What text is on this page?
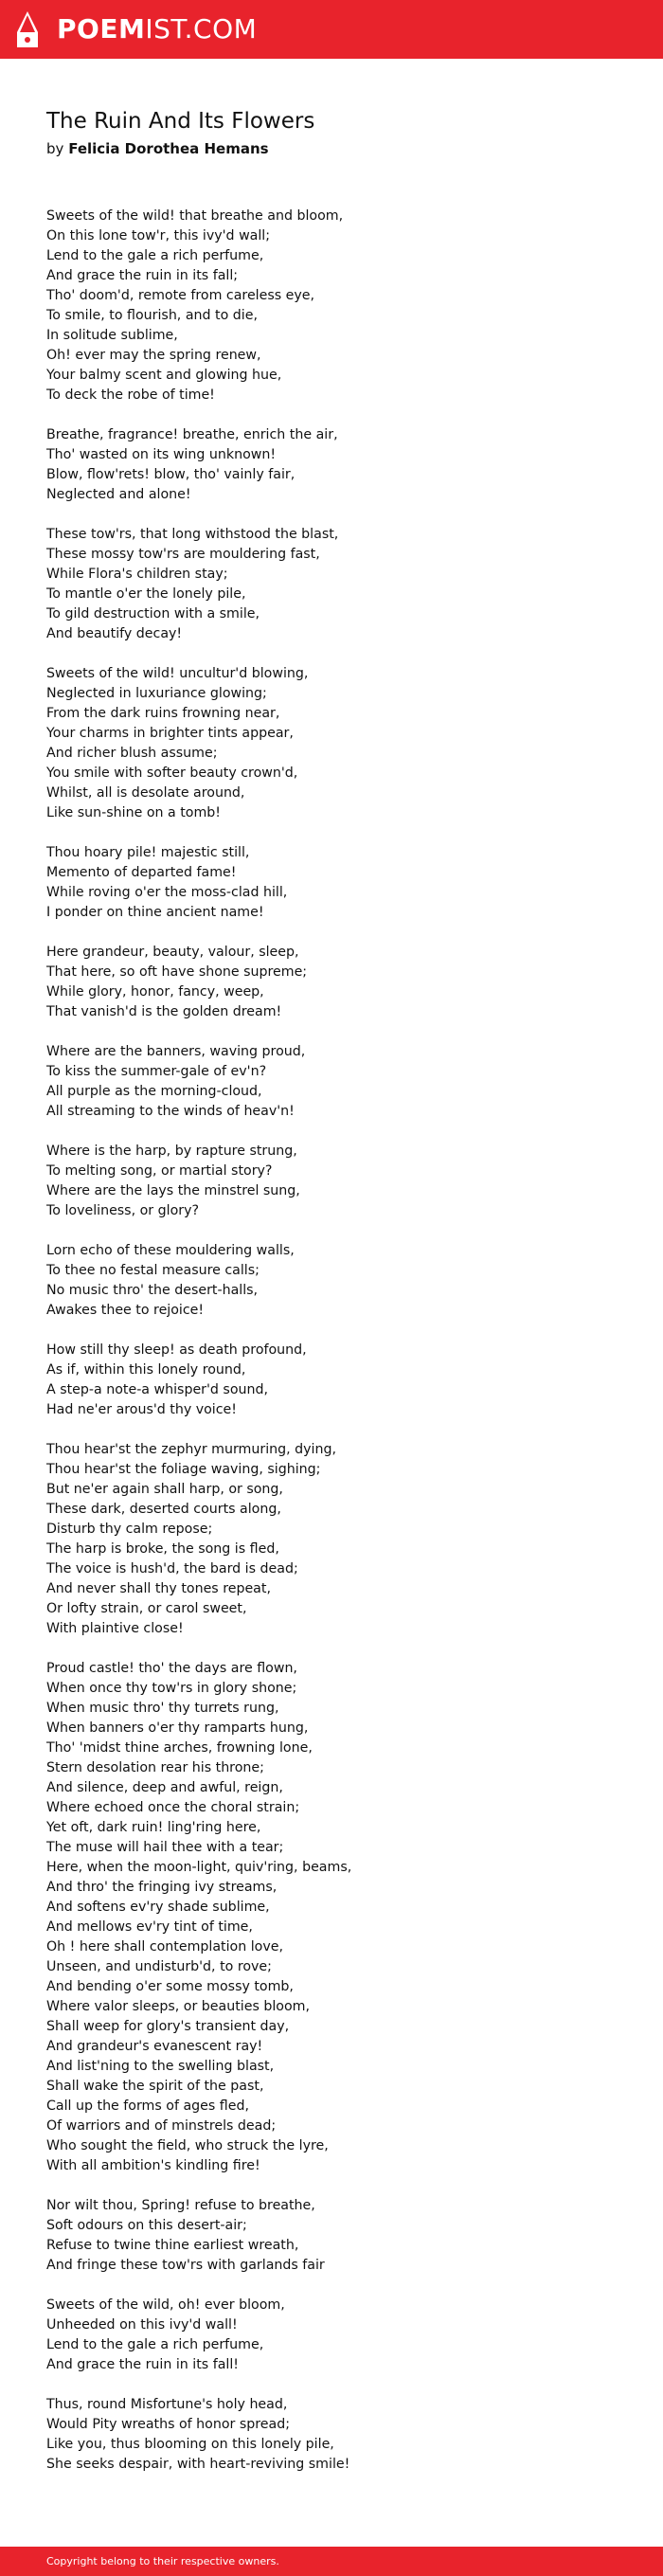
POEMIST.COM
The Ruin And Its Flowers
by Felicia Dorothea Hemans
Sweets of the wild! that breathe and bloom,
On this lone tow'r, this ivy'd wall;
Lend to the gale a rich perfume,
And grace the ruin in its fall;
Tho' doom'd, remote from careless eye,
To smile, to flourish, and to die,
In solitude sublime,
Oh! ever may the spring renew,
Your balmy scent and glowing hue,
To deck the robe of time!
Breathe, fragrance! breathe, enrich the air,
Tho' wasted on its wing unknown!
Blow, flow'rets! blow, tho' vainly fair,
Neglected and alone!
These tow'rs, that long withstood the blast,
These mossy tow'rs are mouldering fast,
While Flora's children stay;
To mantle o'er the lonely pile,
To gild destruction with a smile,
And beautify decay!
Sweets of the wild! uncultur'd blowing,
Neglected in luxuriance glowing;
From the dark ruins frowning near,
Your charms in brighter tints appear,
And richer blush assume;
You smile with softer beauty crown'd,
Whilst, all is desolate around,
Like sun-shine on a tomb!
Thou hoary pile! majestic still,
Memento of departed fame!
While roving o'er the moss-clad hill,
I ponder on thine ancient name!
Here grandeur, beauty, valour, sleep,
That here, so oft have shone supreme;
While glory, honor, fancy, weep,
That vanish'd is the golden dream!
Where are the banners, waving proud,
To kiss the summer-gale of ev'n?
All purple as the morning-cloud,
All streaming to the winds of heav'n!
Where is the harp, by rapture strung,
To melting song, or martial story?
Where are the lays the minstrel sung,
To loveliness, or glory?
Lorn echo of these mouldering walls,
To thee no festal measure calls;
No music thro' the desert-halls,
Awakes thee to rejoice!
How still thy sleep! as death profound,
As if, within this lonely round,
A step-a note-a whisper'd sound,
Had ne'er arous'd thy voice!
Thou hear'st the zephyr murmuring, dying,
Thou hear'st the foliage waving, sighing;
But ne'er again shall harp, or song,
These dark, deserted courts along,
Disturb thy calm repose;
The harp is broke, the song is fled,
The voice is hush'd, the bard is dead;
And never shall thy tones repeat,
Or lofty strain, or carol sweet,
With plaintive close!
Proud castle! tho' the days are flown,
When once thy tow'rs in glory shone;
When music thro' thy turrets rung,
When banners o'er thy ramparts hung,
Tho' 'midst thine arches, frowning lone,
Stern desolation rear his throne;
And silence, deep and awful, reign,
Where echoed once the choral strain;
Yet oft, dark ruin! ling'ring here,
The muse will hail thee with a tear;
Here, when the moon-light, quiv'ring, beams,
And thro' the fringing ivy streams,
And softens ev'ry shade sublime,
And mellows ev'ry tint of time,
Oh ! here shall contemplation love,
Unseen, and undisturb'd, to rove;
And bending o'er some mossy tomb,
Where valor sleeps, or beauties bloom,
Shall weep for glory's transient day,
And grandeur's evanescent ray!
And list'ning to the swelling blast,
Shall wake the spirit of the past,
Call up the forms of ages fled,
Of warriors and of minstrels dead;
Who sought the field, who struck the lyre,
With all ambition's kindling fire!
Nor wilt thou, Spring! refuse to breathe,
Soft odours on this desert-air;
Refuse to twine thine earliest wreath,
And fringe these tow'rs with garlands fair
Sweets of the wild, oh! ever bloom,
Unheeded on this ivy'd wall!
Lend to the gale a rich perfume,
And grace the ruin in its fall!
Thus, round Misfortune's holy head,
Would Pity wreaths of honor spread;
Like you, thus blooming on this lonely pile,
She seeks despair, with heart-reviving smile!
Copyright belong to their respective owners.
